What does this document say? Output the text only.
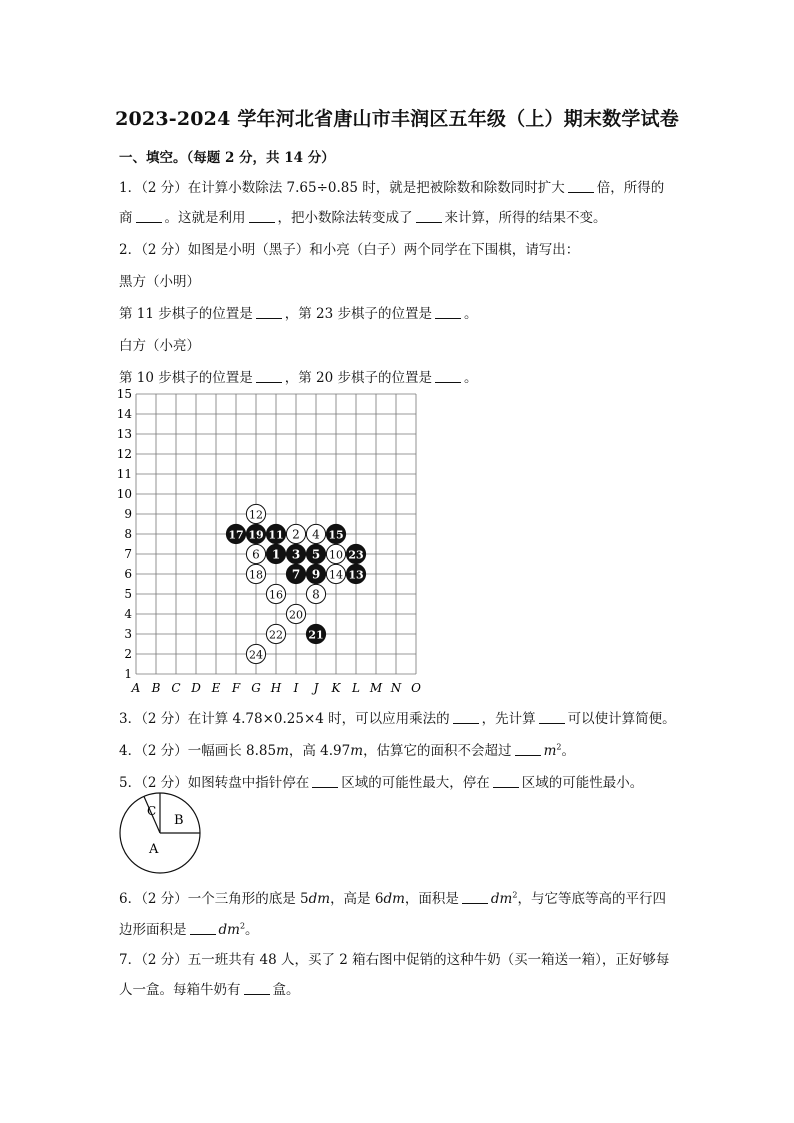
2023-2024 学年河北省唐山市丰润区五年级（上）期末数学试卷
一、填空。（每题 2 分，共 14 分）
1．（2 分）在计算小数除法 7.65÷0.85 时，就是把被除数和除数同时扩大 倍，所得的
商 。这就是利用 ，把小数除法转变成了 来计算，所得的结果不变。
2．（2 分）如图是小明（黑子）和小亮（白子）两个同学在下围棋，请写出：
黑方（小明）
第 11 步棋子的位置是 ，第 23 步棋子的位置是 。
白方（小亮）
第 10 步棋子的位置是 ，第 20 步棋子的位置是 。
1
2
3
4
5
6
7
8
9
10
11
12
13
14
15
A B C D E F G H I J K L M N O
12
17 19 11 2 4 15
6 1 3 5 10 23
18 7 9 14 13
16 8
20
22 21
24
3．（2 分）在计算 4.78×0.25×4 时，可以应用乘法的 ，先计算 可以使计算简便。
4．（2 分）一幅画长 8.85m，高 4.97m，估算它的面积不会超过 $m^2$。
5．（2 分）如图转盘中指针停在 区域的可能性最大，停在 区域的可能性最小。
B
C
A
6．（2 分）一个三角形的底是 5dm，高是 6dm，面积是 $dm^2$，与它等底等高的平行四
边形面积是 $dm^2$。
7．（2 分）五一班共有 48 人，买了 2 箱右图中促销的这种牛奶（买一箱送一箱），正好够每
人一盒。每箱牛奶有 盒。
